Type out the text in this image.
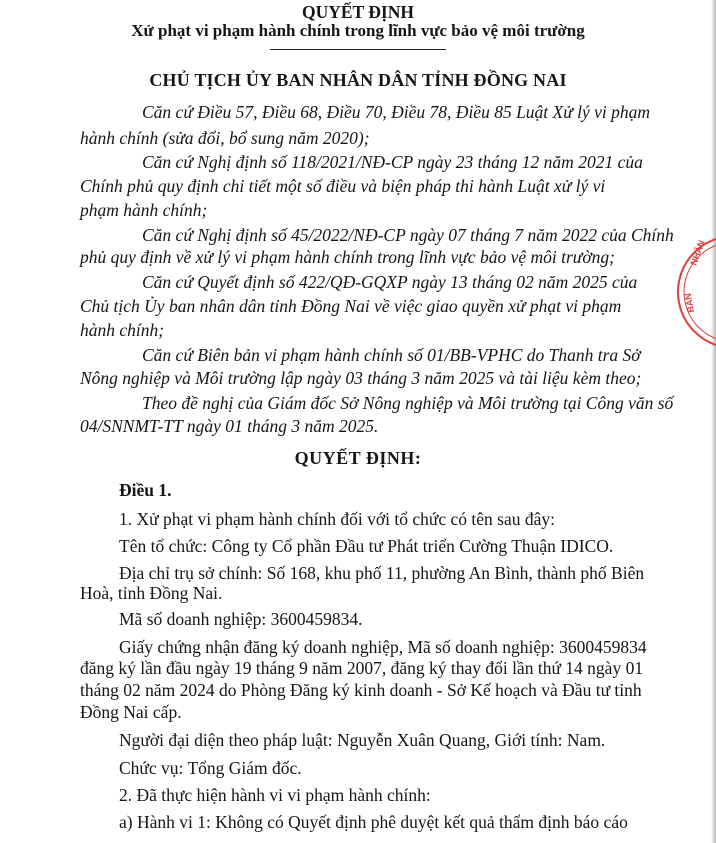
QUYẾT ĐỊNH
Xử phạt vi phạm hành chính trong lĩnh vực bảo vệ môi trường
CHỦ TỊCH ỦY BAN NHÂN DÂN TỈNH ĐỒNG NAI
Căn cứ Điều 57, Điều 68, Điều 70, Điều 78, Điều 85 Luật Xử lý vi phạm
hành chính (sửa đổi, bổ sung năm 2020);
Căn cứ Nghị định số 118/2021/NĐ-CP ngày 23 tháng 12 năm 2021 của
Chính phủ quy định chi tiết một số điều và biện pháp thi hành Luật xử lý vi
phạm hành chính;
Căn cứ Nghị định số 45/2022/NĐ-CP ngày 07 tháng 7 năm 2022 của Chính
phủ quy định về xử lý vi phạm hành chính trong lĩnh vực bảo vệ môi trường;
Căn cứ Quyết định số 422/QĐ-GQXP ngày 13 tháng 02 năm 2025 của
Chủ tịch Ủy ban nhân dân tỉnh Đồng Nai về việc giao quyền xử phạt vi phạm
hành chính;
Căn cứ Biên bản vi phạm hành chính số 01/BB-VPHC do Thanh tra Sở
Nông nghiệp và Môi trường lập ngày 03 tháng 3 năm 2025 và tài liệu kèm theo;
Theo đề nghị của Giám đốc Sở Nông nghiệp và Môi trường tại Công văn số
04/SNNMT-TT ngày 01 tháng 3 năm 2025.
QUYẾT ĐỊNH:
Điều 1.
1. Xử phạt vi phạm hành chính đối với tổ chức có tên sau đây:
Tên tổ chức: Công ty Cổ phần Đầu tư Phát triển Cường Thuận IDICO.
Địa chỉ trụ sở chính: Số 168, khu phố 11, phường An Bình, thành phố Biên
Hoà, tỉnh Đồng Nai.
Mã số doanh nghiệp: 3600459834.
Giấy chứng nhận đăng ký doanh nghiệp, Mã số doanh nghiệp: 3600459834
đăng ký lần đầu ngày 19 tháng 9 năm 2007, đăng ký thay đổi lần thứ 14 ngày 01
tháng 02 năm 2024 do Phòng Đăng ký kinh doanh - Sở Kế hoạch và Đầu tư tỉnh
Đồng Nai cấp.
Người đại diện theo pháp luật: Nguyễn Xuân Quang, Giới tính: Nam.
Chức vụ: Tổng Giám đốc.
2. Đã thực hiện hành vi vi phạm hành chính:
a) Hành vi 1: Không có Quyết định phê duyệt kết quả thẩm định báo cáo
NHÂN
BAN
